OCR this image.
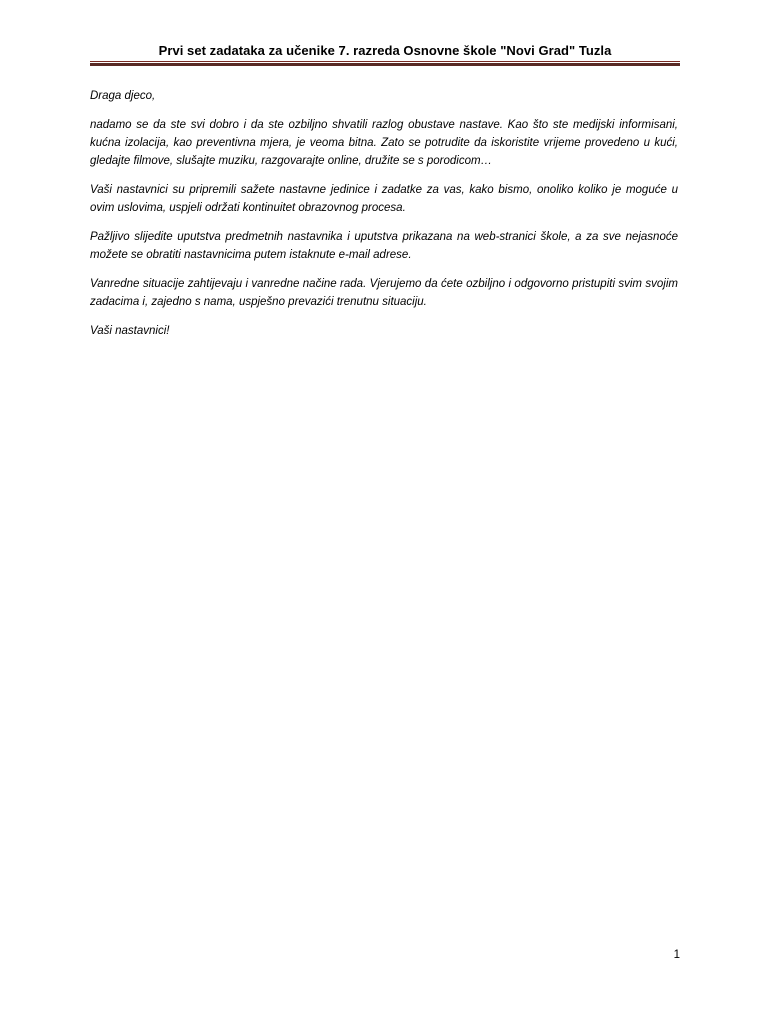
Prvi set zadataka za učenike 7. razreda Osnovne škole "Novi Grad" Tuzla

Draga djeco,

nadamo se da ste svi dobro i da ste ozbiljno shvatili razlog obustave nastave. Kao što ste medijski informisani, kućna izolacija, kao preventivna mjera, je veoma bitna. Zato se potrudite da iskoristite vrijeme provedeno u kući, gledajte filmove, slušajte muziku, razgovarajte online, družite se s porodicom…

Vaši nastavnici su pripremili sažete nastavne jedinice i zadatke za vas, kako bismo, onoliko koliko je moguće u ovim uslovima, uspjeli održati kontinuitet obrazovnog procesa.

Pažljivo slijedite uputstva predmetnih nastavnika i uputstva prikazana na web-stranici škole, a za sve nejasnoće možete se obratiti nastavnicima putem istaknute e-mail adrese.

Vanredne situacije zahtijevaju i vanredne načine rada. Vjerujemo da ćete ozbiljno i odgovorno pristupiti svim svojim zadacima i, zajedno s nama, uspješno prevazići trenutnu situaciju.

Vaši nastavnici!

1
